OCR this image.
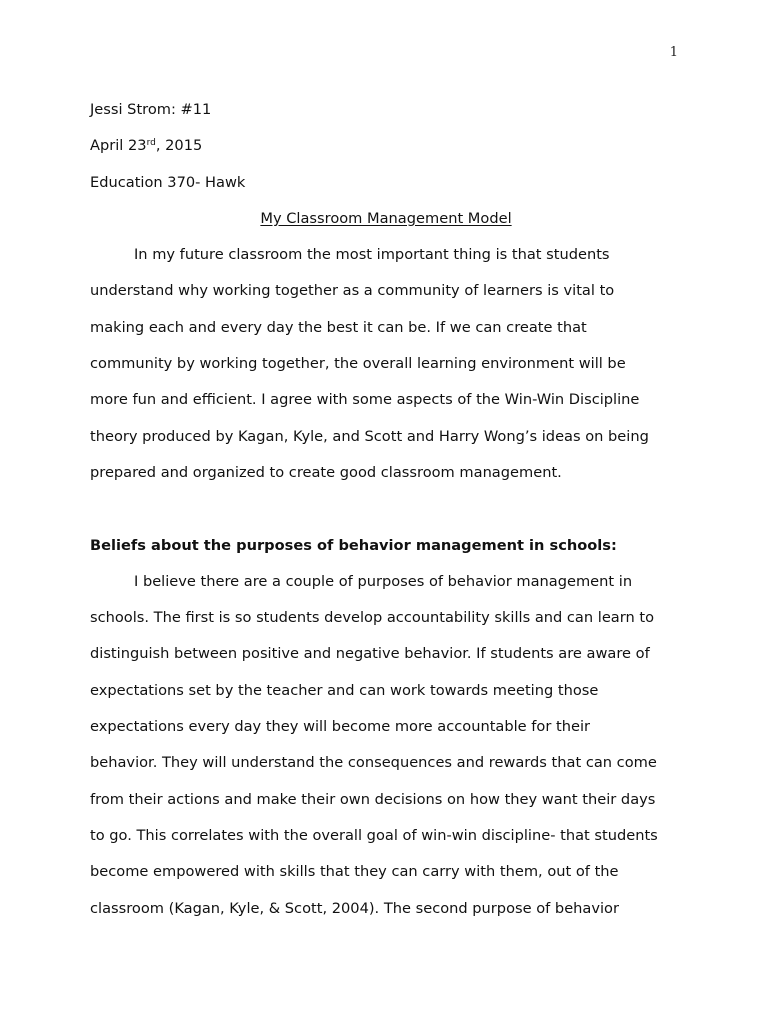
1
Jessi Strom: #11
April 23rd, 2015
Education 370- Hawk
My Classroom Management Model
In my future classroom the most important thing is that students
understand why working together as a community of learners is vital to
making each and every day the best it can be. If we can create that
community by working together, the overall learning environment will be
more fun and efficient. I agree with some aspects of the Win-Win Discipline
theory produced by Kagan, Kyle, and Scott and Harry Wong’s ideas on being
prepared and organized to create good classroom management.
Beliefs about the purposes of behavior management in schools:
I believe there are a couple of purposes of behavior management in
schools. The first is so students develop accountability skills and can learn to
distinguish between positive and negative behavior. If students are aware of
expectations set by the teacher and can work towards meeting those
expectations every day they will become more accountable for their
behavior. They will understand the consequences and rewards that can come
from their actions and make their own decisions on how they want their days
to go. This correlates with the overall goal of win-win discipline- that students
become empowered with skills that they can carry with them, out of the
classroom (Kagan, Kyle, & Scott, 2004). The second purpose of behavior
